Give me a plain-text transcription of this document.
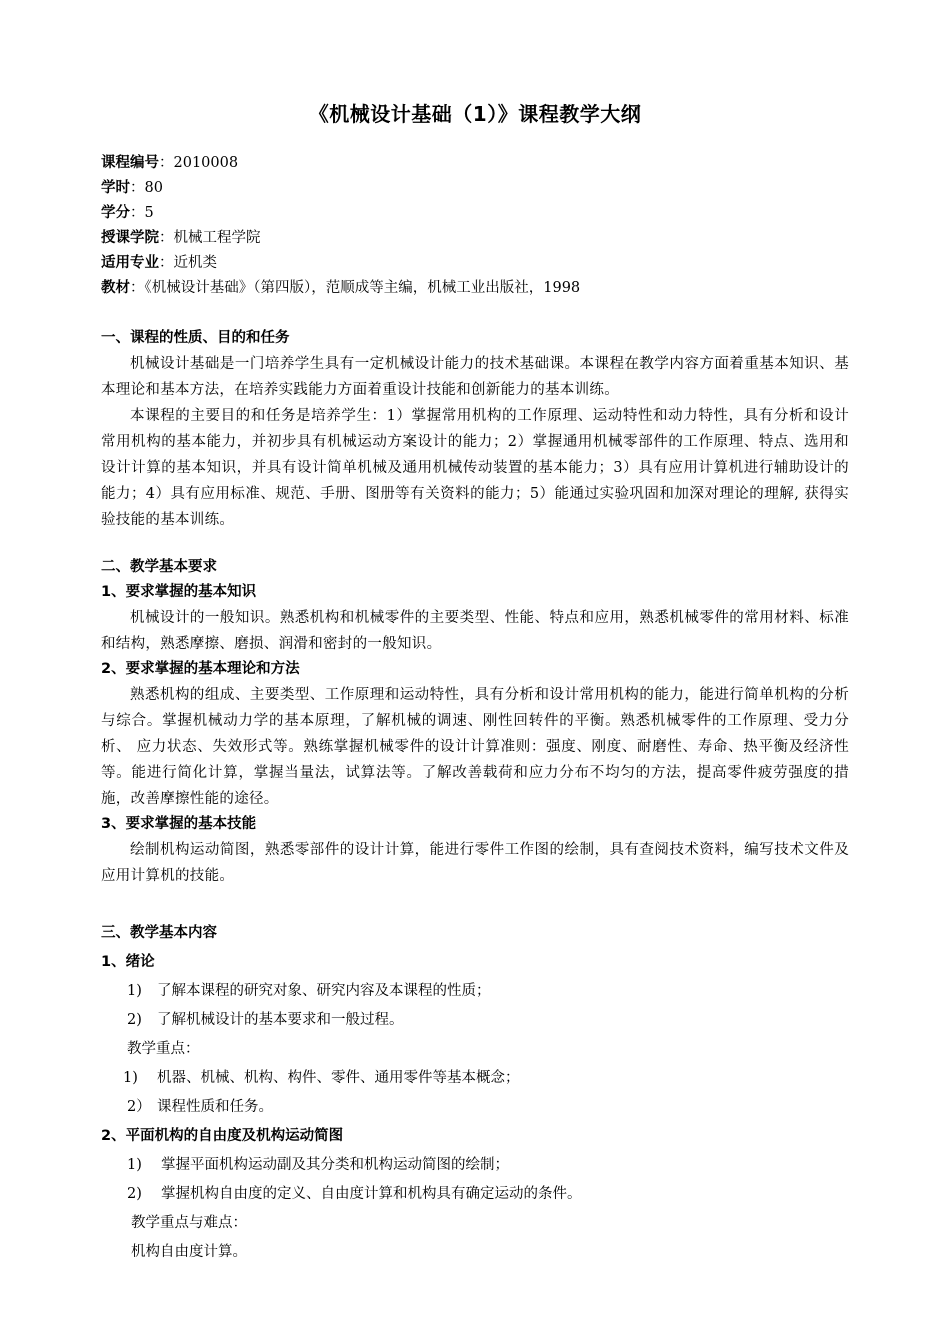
《机械设计基础（1）》课程教学大纲
课程编号：2010008
学时：80
学分：5
授课学院：机械工程学院
适用专业：近机类
教材：《机械设计基础》（第四版），范顺成等主编，机械工业出版社，1998
一、课程的性质、目的和任务

机械设计基础是一门培养学生具有一定机械设计能力的技术基础课。本课程在教学内容方面着重基本知识、基本理论和基本方法，在培养实践能力方面着重设计技能和创新能力的基本训练。

本课程的主要目的和任务是培养学生：1）掌握常用机构的工作原理、运动特性和动力特性，具有分析和设计常用机构的基本能力，并初步具有机械运动方案设计的能力；2）掌握通用机械零部件的工作原理、特点、选用和设计计算的基本知识，并具有设计简单机械及通用机械传动装置的基本能力；3）具有应用计算机进行辅助设计的能力；4）具有应用标准、规范、手册、图册等有关资料的能力；5）能通过实验巩固和加深对理论的理解, 获得实验技能的基本训练。

二、教学基本要求
1、要求掌握的基本知识

机械设计的一般知识。熟悉机构和机械零件的主要类型、性能、特点和应用，熟悉机械零件的常用材料、标准和结构，熟悉摩擦、磨损、润滑和密封的一般知识。

2、要求掌握的基本理论和方法

熟悉机构的组成、主要类型、工作原理和运动特性，具有分析和设计常用机构的能力，能进行简单机构的分析与综合。掌握机械动力学的基本原理，了解机械的调速、刚性回转件的平衡。熟悉机械零件的工作原理、受力分析、 应力状态、失效形式等。熟练掌握机械零件的设计计算准则：强度、刚度、耐磨性、寿命、热平衡及经济性等。能进行简化计算，掌握当量法，试算法等。了解改善载荷和应力分布不均匀的方法，提高零件疲劳强度的措施，改善摩擦性能的途径。

3、要求掌握的基本技能

绘制机构运动简图，熟悉零部件的设计计算，能进行零件工作图的绘制，具有查阅技术资料，编写技术文件及应用计算机的技能。

三、教学基本内容
1、绪论
1) 了解本课程的研究对象、研究内容及本课程的性质；
2) 了解机械设计的基本要求和一般过程。
教学重点：
1) 机器、机械、机构、构件、零件、通用零件等基本概念；
2） 课程性质和任务。
2、平面机构的自由度及机构运动简图
1) 掌握平面机构运动副及其分类和机构运动简图的绘制；
2) 掌握机构自由度的定义、自由度计算和机构具有确定运动的条件。
教学重点与难点：
机构自由度计算。
